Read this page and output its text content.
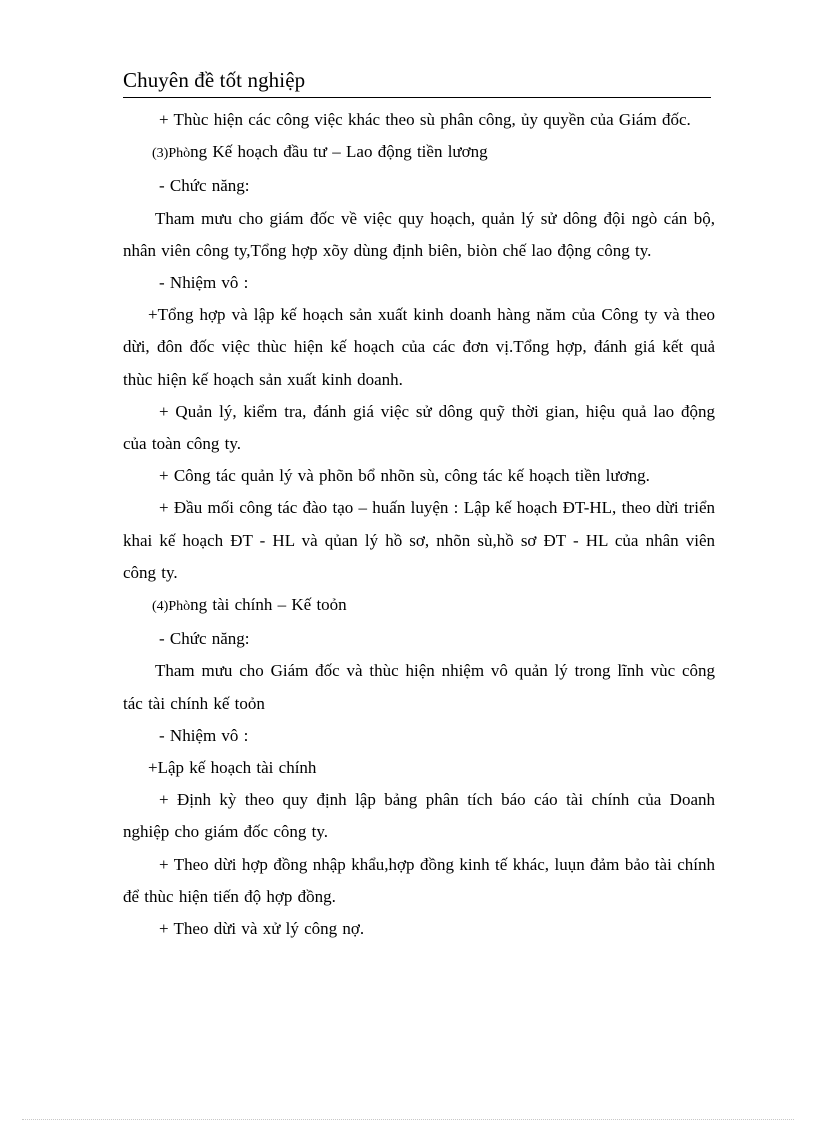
Chuyên đề tốt nghiệp

+ Thùc hiện các công việc khác theo sù phân công, ủy quyền của Giám đốc.

(3)Phòng Kế hoạch đầu tư – Lao động tiền lương

- Chức năng:

Tham mưu cho giám đốc về việc quy hoạch, quản lý sử dông đội ngò cán bộ, nhân viên công ty,Tổng hợp xõy dùng định biên, biòn chế lao động công ty.

- Nhiệm vô :

+Tổng hợp và lập kế hoạch sản xuất kinh doanh hàng năm của Công ty và theo dừi, đôn đốc việc thùc hiện kế hoạch của các đơn vị.Tổng hợp, đánh giá kết quả thùc hiện kế hoạch sản xuất kinh doanh.

+ Quản lý, kiểm tra, đánh giá việc sử dông quỹ thời gian, hiệu quả lao động của toàn công ty.

+ Công tác quản lý và phõn bổ nhõn sù, công tác kế hoạch tiền lương.

+ Đầu mối công tác đào tạo – huấn luyện : Lập kế hoạch ĐT-HL, theo dừi triển khai kế hoạch ĐT - HL và qủan lý hồ sơ, nhõn sù,hồ sơ ĐT - HL của nhân viên công ty.

(4)Phòng tài chính – Kế toỏn

- Chức năng:

Tham mưu cho Giám đốc và thùc hiện nhiệm vô quản lý trong lĩnh vùc công tác tài chính kế toỏn

- Nhiệm vô :

+Lập kế hoạch tài chính

+ Định kỳ theo quy định lập bảng phân tích báo cáo tài chính của Doanh nghiệp cho giám đốc công ty.

+ Theo dừi hợp đồng nhập khẩu,hợp đồng kinh tế khác, luụn đảm bảo tài chính để thùc hiện tiến độ hợp đồng.

+ Theo dừi và xử lý công nợ.
